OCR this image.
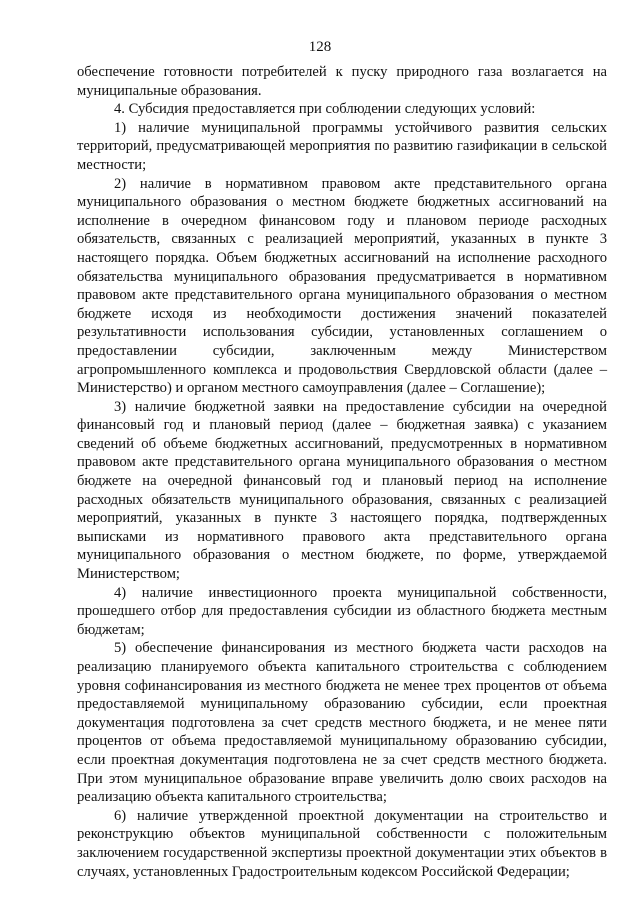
128

обеспечение готовности потребителей к пуску природного газа возлагается на муниципальные образования.

4. Субсидия предоставляется при соблюдении следующих условий:

1) наличие муниципальной программы устойчивого развития сельских территорий, предусматривающей мероприятия по развитию газификации в сельской местности;

2) наличие в нормативном правовом акте представительного органа муниципального образования о местном бюджете бюджетных ассигнований на исполнение в очередном финансовом году и плановом периоде расходных обязательств, связанных с реализацией мероприятий, указанных в пункте 3 настоящего порядка. Объем бюджетных ассигнований на исполнение расходного обязательства муниципального образования предусматривается в нормативном правовом акте представительного органа муниципального образования о местном бюджете исходя из необходимости достижения значений показателей результативности использования субсидии, установленных соглашением о предоставлении субсидии, заключенным между Министерством агропромышленного комплекса и продовольствия Свердловской области (далее – Министерство) и органом местного самоуправления (далее – Соглашение);

3) наличие бюджетной заявки на предоставление субсидии на очередной финансовый год и плановый период (далее – бюджетная заявка) с указанием сведений об объеме бюджетных ассигнований, предусмотренных в нормативном правовом акте представительного органа муниципального образования о местном бюджете на очередной финансовый год и плановый период на исполнение расходных обязательств муниципального образования, связанных с реализацией мероприятий, указанных в пункте 3 настоящего порядка, подтвержденных выписками из нормативного правового акта представительного органа муниципального образования о местном бюджете, по форме, утверждаемой Министерством;

4) наличие инвестиционного проекта муниципальной собственности, прошедшего отбор для предоставления субсидии из областного бюджета местным бюджетам;

5) обеспечение финансирования из местного бюджета части расходов на реализацию планируемого объекта капитального строительства с соблюдением уровня софинансирования из местного бюджета не менее трех процентов от объема предоставляемой муниципальному образованию субсидии, если проектная документация подготовлена за счет средств местного бюджета, и не менее пяти процентов от объема предоставляемой муниципальному образованию субсидии, если проектная документация подготовлена не за счет средств местного бюджета. При этом муниципальное образование вправе увеличить долю своих расходов на реализацию объекта капитального строительства;

6) наличие утвержденной проектной документации на строительство и реконструкцию объектов муниципальной собственности с положительным заключением государственной экспертизы проектной документации этих объектов в случаях, установленных Градостроительным кодексом Российской Федерации;
